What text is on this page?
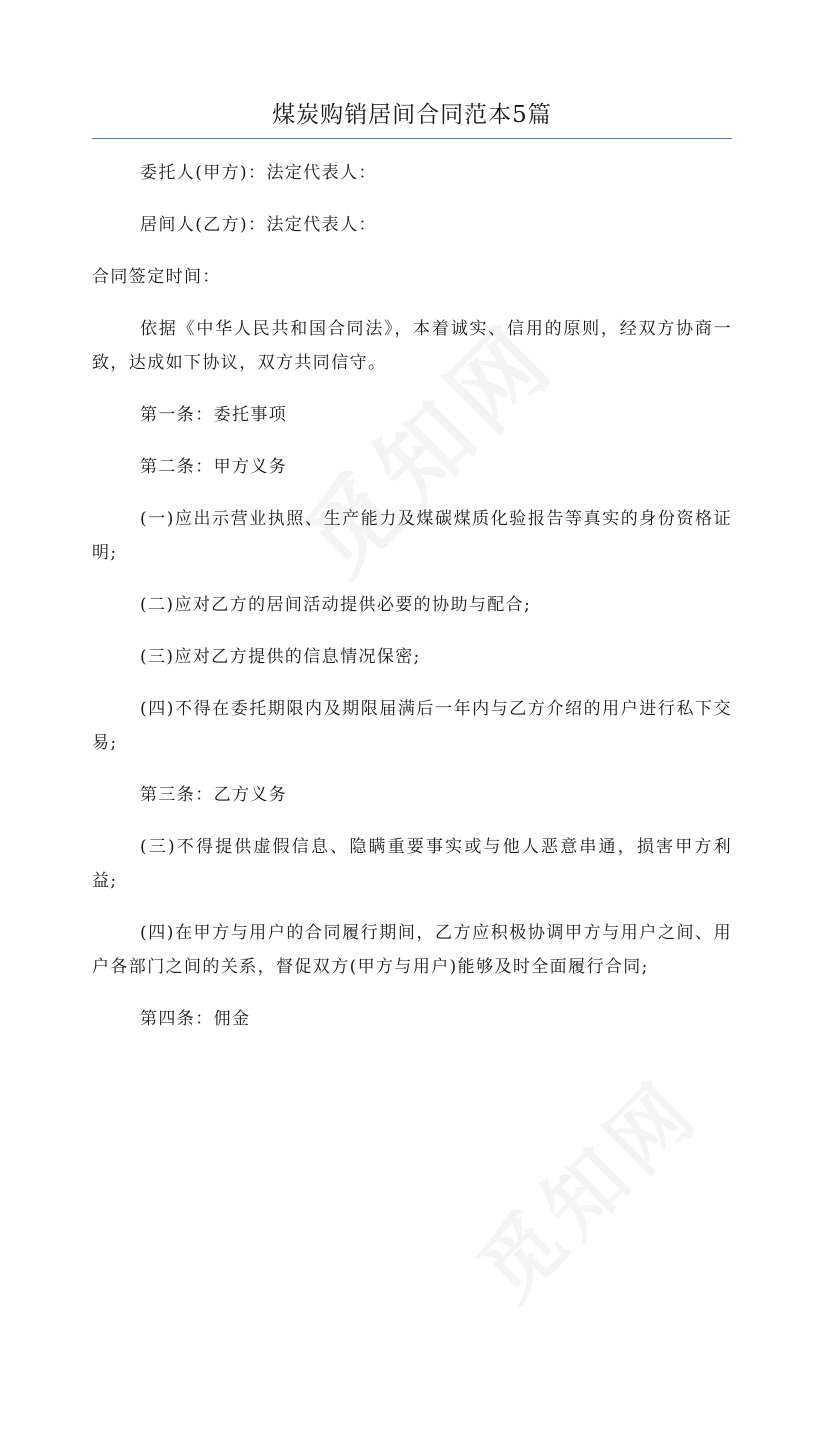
煤炭购销居间合同范本5篇

委托人(甲方)：法定代表人：

居间人(乙方)：法定代表人：

合同签定时间：

依据《中华人民共和国合同法》，本着诚实、信用的原则，经双方协商一致，达成如下协议，双方共同信守。

第一条：委托事项

第二条：甲方义务

(一)应出示营业执照、生产能力及煤碳煤质化验报告等真实的身份资格证明;

(二)应对乙方的居间活动提供必要的协助与配合;

(三)应对乙方提供的信息情况保密;

(四)不得在委托期限内及期限届满后一年内与乙方介绍的用户进行私下交易;

第三条：乙方义务

(三)不得提供虚假信息、隐瞒重要事实或与他人恶意串通，损害甲方利益;

(四)在甲方与用户的合同履行期间，乙方应积极协调甲方与用户之间、用户各部门之间的关系，督促双方(甲方与用户)能够及时全面履行合同;

第四条：佣金
